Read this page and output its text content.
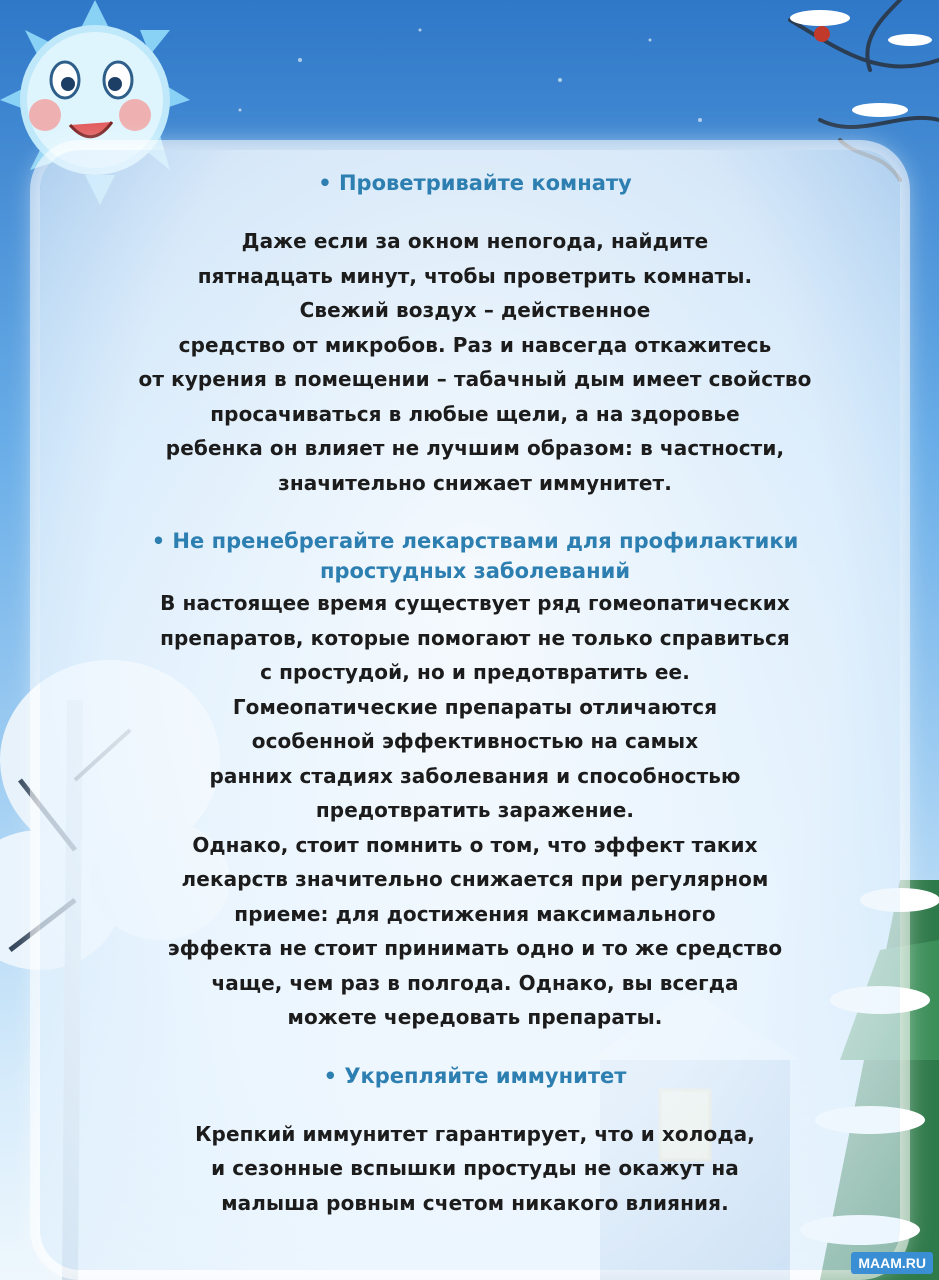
• Проветривайте комнату

Даже если за окном непогода, найдите

пятнадцать минут, чтобы проветрить комнаты.

Свежий воздух – действенное

средство от микробов. Раз и навсегда откажитесь

от курения в помещении – табачный дым имеет свойство

просачиваться в любые щели, а на здоровье

ребенка он влияет не лучшим образом: в частности,

значительно снижает иммунитет.

• Не пренебрегайте лекарствами для профилактики

простудных заболеваний

В настоящее время существует ряд гомеопатических

препаратов, которые помогают не только справиться

с простудой, но и предотвратить ее.

Гомеопатические препараты отличаются

особенной эффективностью на самых

ранних стадиях заболевания и способностью

предотвратить заражение.

Однако, стоит помнить о том, что эффект таких

лекарств значительно снижается при регулярном

приеме: для достижения максимального

эффекта не стоит принимать одно и то же средство

чаще, чем раз в полгода. Однако, вы всегда

можете чередовать препараты.

• Укрепляйте иммунитет

Крепкий иммунитет гарантирует, что и холода,

и сезонные вспышки простуды не окажут на

малыша ровным счетом никакого влияния.

MAAM.RU
